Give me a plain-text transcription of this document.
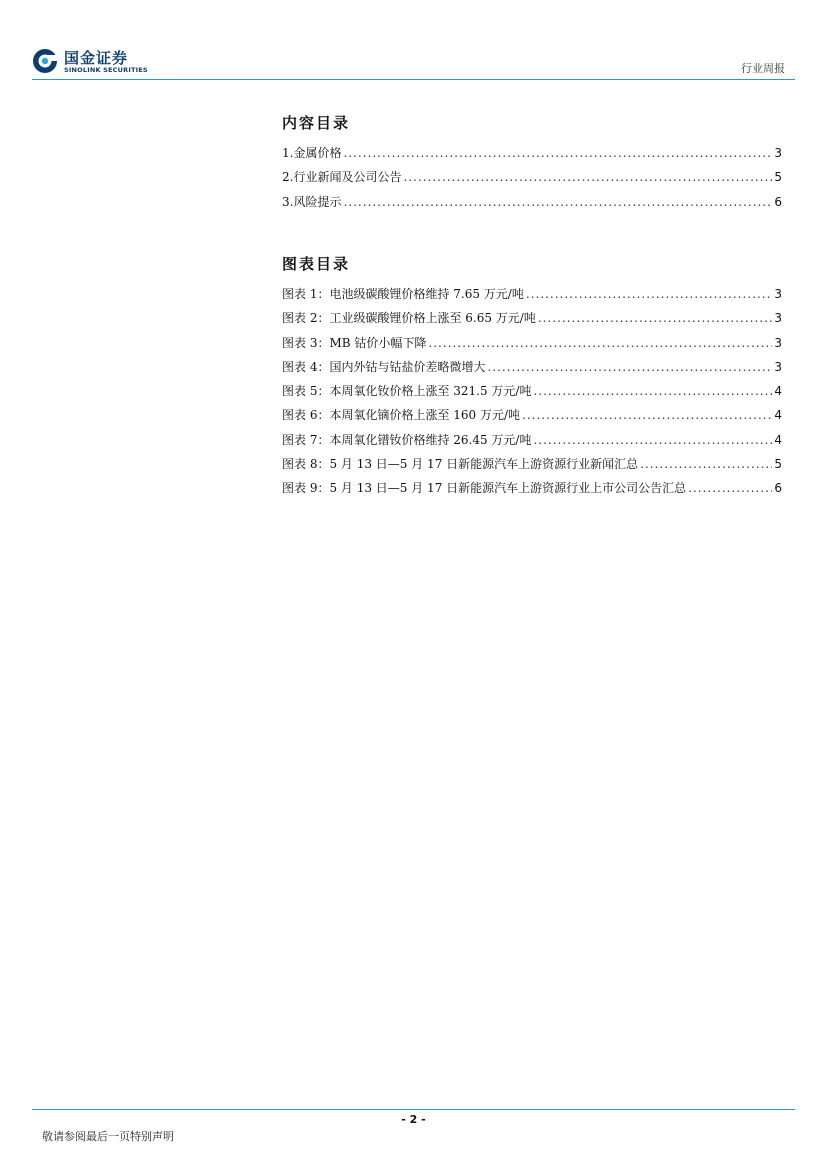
国金证券
SINOLINK SECURITIES	行业周报
内容目录
1.金属价格 .....	3
2.行业新闻及公司公告 .....	5
3.风险提示 .....	6
图表目录
图表 1：电池级碳酸锂价格维持 7.65 万元/吨 .....	3
图表 2：工业级碳酸锂价格上涨至 6.65 万元/吨 .....	3
图表 3：MB 钴价小幅下降 .....	3
图表 4：国内外钴与钴盐价差略微增大 .....	3
图表 5：本周氧化钕价格上涨至 321.5 万元/吨 .....	4
图表 6：本周氧化镝价格上涨至 160 万元/吨 .....	4
图表 7：本周氧化镨钕价格维持 26.45 万元/吨 .....	4
图表 8：5 月 13 日—5 月 17 日新能源汽车上游资源行业新闻汇总 .....	5
图表 9：5 月 13 日—5 月 17 日新能源汽车上游资源行业上市公司公告汇总 .....	6
- 2 -
敬请参阅最后一页特别声明
